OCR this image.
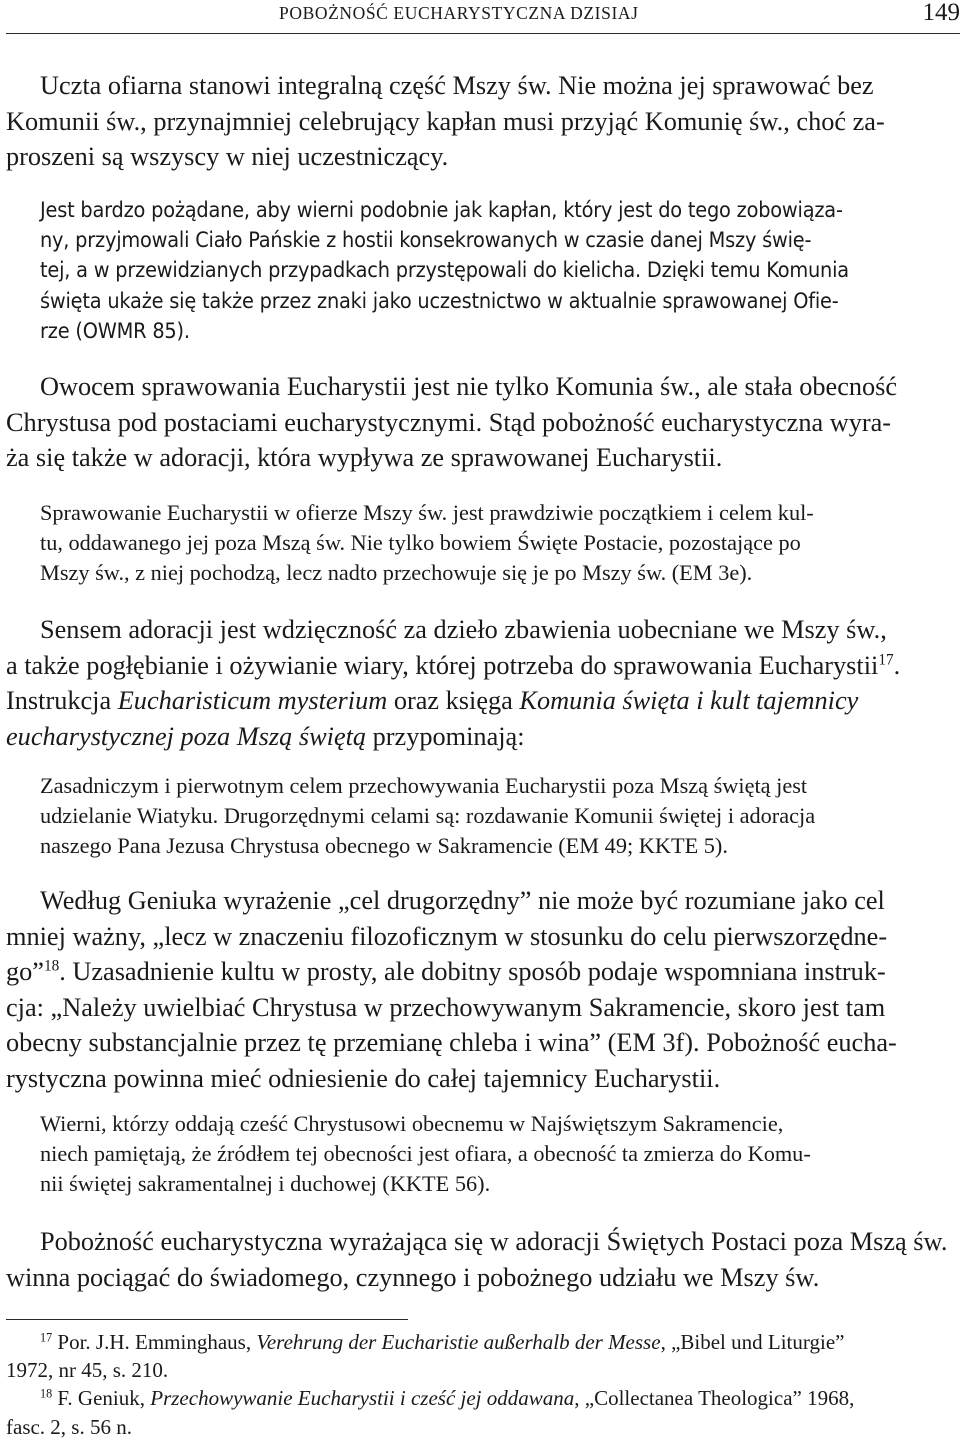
POBOŻNOŚĆ EUCHARYSTYCZNA DZISIAJ	149
Uczta ofiarna stanowi integralną część Mszy św. Nie można jej sprawować bez
Komunii św., przynajmniej celebrujący kapłan musi przyjąć Komunię św., choć za-
proszeni są wszyscy w niej uczestniczący.
Jest bardzo pożądane, aby wierni podobnie jak kapłan, który jest do tego zobowiąza-
ny, przyjmowali Ciało Pańskie z hostii konsekrowanych w czasie danej Mszy świę-
tej, a w przewidzianych przypadkach przystępowali do kielicha. Dzięki temu Komunia
święta ukaże się także przez znaki jako uczestnictwo w aktualnie sprawowanej Ofie-
rze (OWMR 85).
Owocem sprawowania Eucharystii jest nie tylko Komunia św., ale stała obecność
Chrystusa pod postaciami eucharystycznymi. Stąd pobożność eucharystyczna wyra-
ża się także w adoracji, która wypływa ze sprawowanej Eucharystii.
Sprawowanie Eucharystii w ofierze Mszy św. jest prawdziwie początkiem i celem kul-
tu, oddawanego jej poza Mszą św. Nie tylko bowiem Święte Postacie, pozostające po
Mszy św., z niej pochodzą, lecz nadto przechowuje się je po Mszy św. (EM 3e).
Sensem adoracji jest wdzięczność za dzieło zbawienia uobecniane we Mszy św.,
a także pogłębianie i ożywianie wiary, której potrzeba do sprawowania Eucharystii$^{17}$.
Instrukcja Eucharisticum mysterium oraz księga Komunia święta i kult tajemnicy
eucharystycznej poza Mszą świętą przypominają:
Zasadniczym i pierwotnym celem przechowywania Eucharystii poza Mszą świętą jest
udzielanie Wiatyku. Drugorzędnymi celami są: rozdawanie Komunii świętej i adoracja
naszego Pana Jezusa Chrystusa obecnego w Sakramencie (EM 49; KKTE 5).
Według Geniuka wyrażenie „cel drugorzędny” nie może być rozumiane jako cel
mniej ważny, „lecz w znaczeniu filozoficznym w stosunku do celu pierwszorzędne-
go”$^{18}$. Uzasadnienie kultu w prosty, ale dobitny sposób podaje wspomniana instruk-
cja: „Należy uwielbiać Chrystusa w przechowywanym Sakramencie, skoro jest tam
obecny substancjalnie przez tę przemianę chleba i wina” (EM 3f). Pobożność eucha-
rystyczna powinna mieć odniesienie do całej tajemnicy Eucharystii.
Wierni, którzy oddają cześć Chrystusowi obecnemu w Najświętszym Sakramencie,
niech pamiętają, że źródłem tej obecności jest ofiara, a obecność ta zmierza do Komu-
nii świętej sakramentalnej i duchowej (KKTE 56).
Pobożność eucharystyczna wyrażająca się w adoracji Świętych Postaci poza Mszą św.
winna pociągać do świadomego, czynnego i pobożnego udziału we Mszy św.
$^{17}$ Por. J.H. Emminghaus, Verehrung der Eucharistie außerhalb der Messe, „Bibel und Liturgie”
1972, nr 45, s. 210.
$^{18}$ F. Geniuk, Przechowywanie Eucharystii i cześć jej oddawana, „Collectanea Theologica” 1968,
fasc. 2, s. 56 n.
